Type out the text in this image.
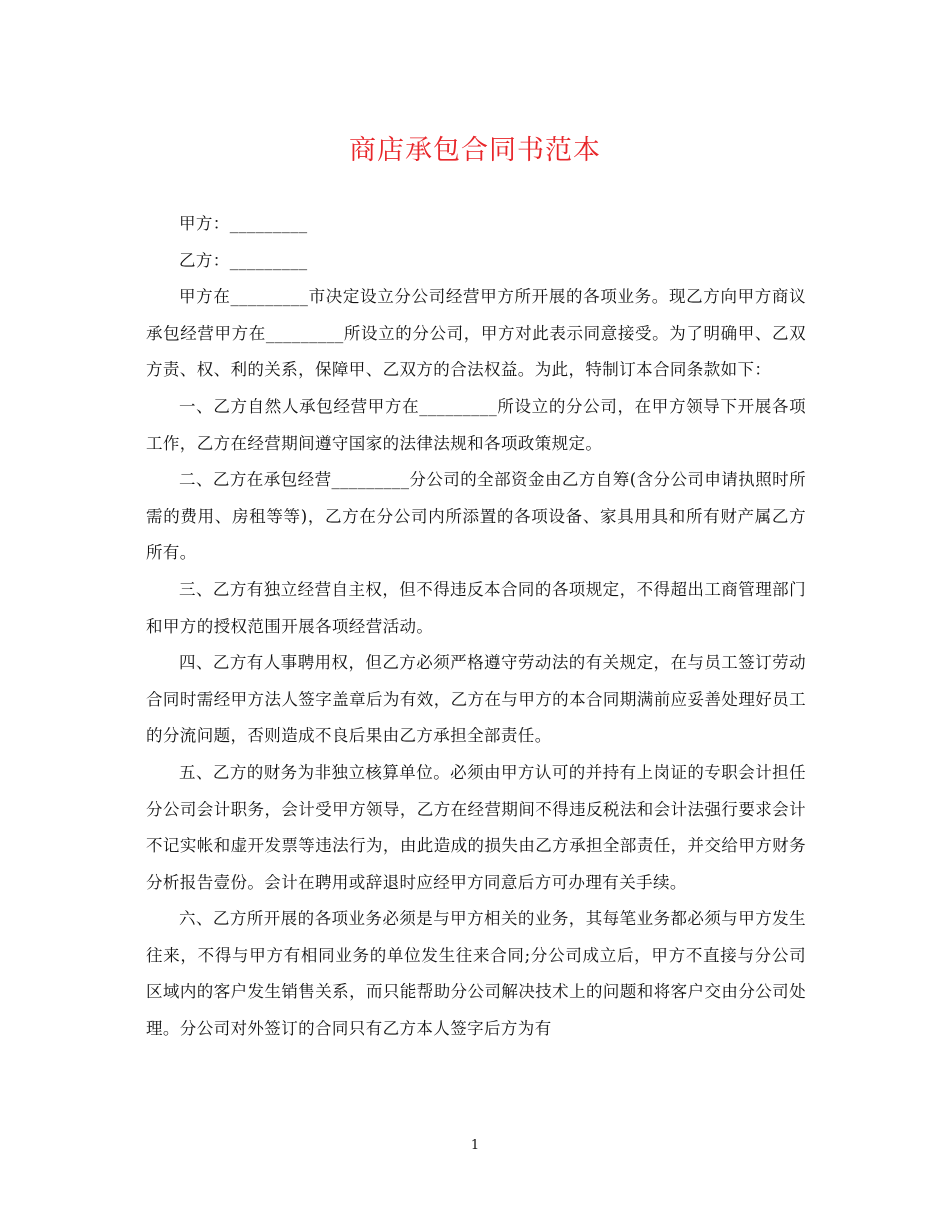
商店承包合同书范本

甲方：_________

乙方：_________

甲方在_________市决定设立分公司经营甲方所开展的各项业务。现乙方向甲方商议承包经营甲方在_________所设立的分公司，甲方对此表示同意接受。为了明确甲、乙双方责、权、利的关系，保障甲、乙双方的合法权益。为此，特制订本合同条款如下：

一、乙方自然人承包经营甲方在_________所设立的分公司，在甲方领导下开展各项工作，乙方在经营期间遵守国家的法律法规和各项政策规定。

二、乙方在承包经营_________分公司的全部资金由乙方自筹(含分公司申请执照时所需的费用、房租等等)，乙方在分公司内所添置的各项设备、家具用具和所有财产属乙方所有。

三、乙方有独立经营自主权，但不得违反本合同的各项规定，不得超出工商管理部门和甲方的授权范围开展各项经营活动。

四、乙方有人事聘用权，但乙方必须严格遵守劳动法的有关规定，在与员工签订劳动合同时需经甲方法人签字盖章后为有效，乙方在与甲方的本合同期满前应妥善处理好员工的分流问题，否则造成不良后果由乙方承担全部责任。

五、乙方的财务为非独立核算单位。必须由甲方认可的并持有上岗证的专职会计担任分公司会计职务，会计受甲方领导，乙方在经营期间不得违反税法和会计法强行要求会计不记实帐和虚开发票等违法行为，由此造成的损失由乙方承担全部责任，并交给甲方财务分析报告壹份。会计在聘用或辞退时应经甲方同意后方可办理有关手续。

六、乙方所开展的各项业务必须是与甲方相关的业务，其每笔业务都必须与甲方发生往来，不得与甲方有相同业务的单位发生往来合同;分公司成立后，甲方不直接与分公司区域内的客户发生销售关系，而只能帮助分公司解决技术上的问题和将客户交由分公司处理。分公司对外签订的合同只有乙方本人签字后方为有

1
